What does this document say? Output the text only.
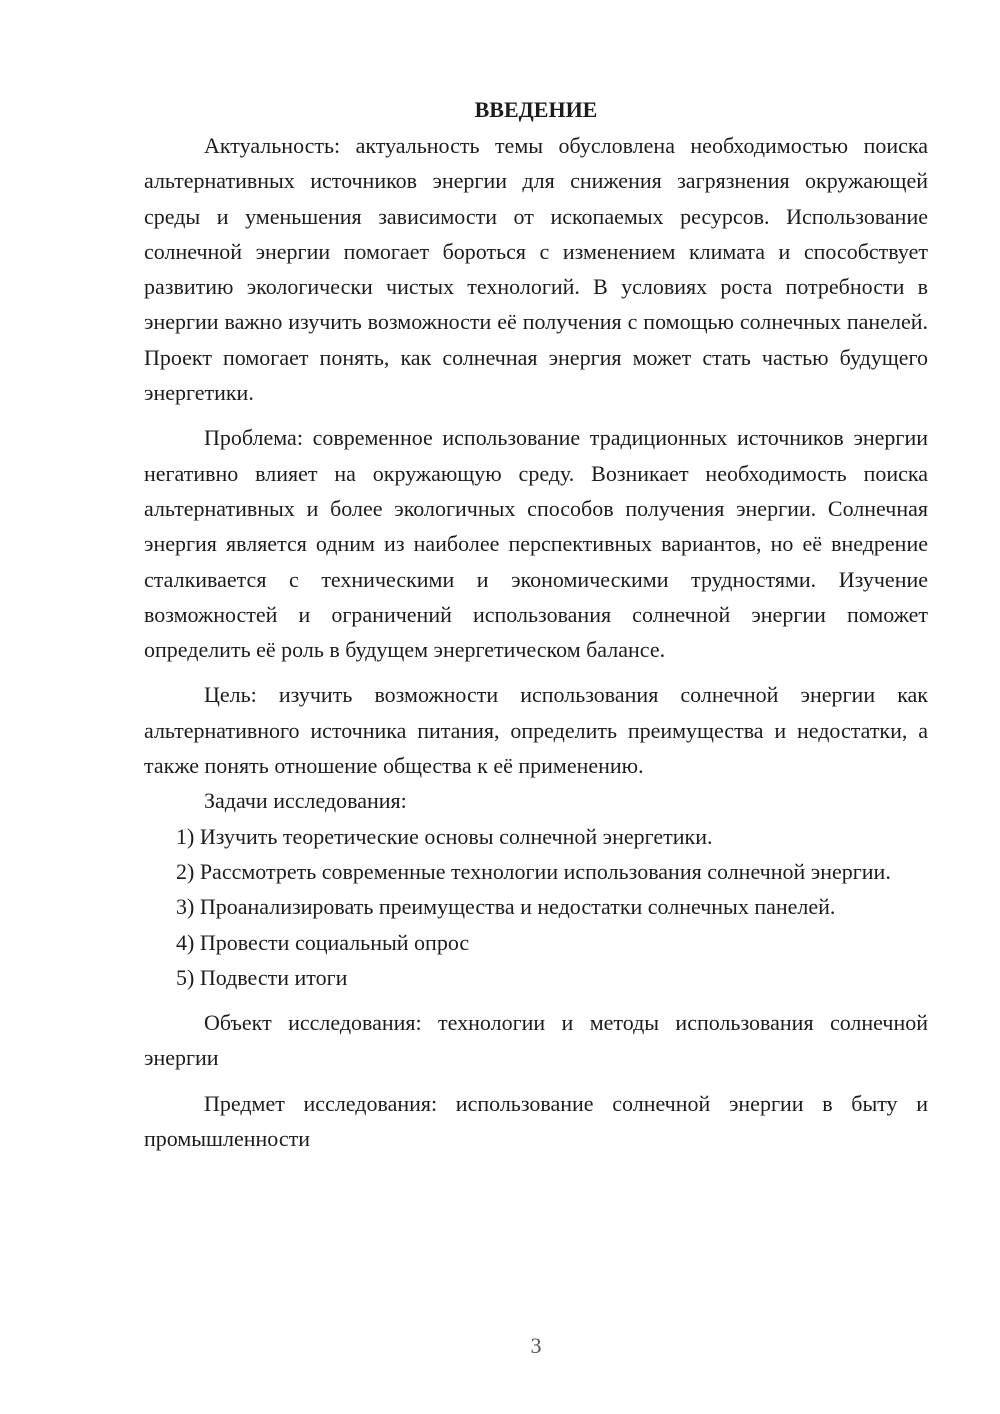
ВВЕДЕНИЕ

Актуальность: актуальность темы обусловлена необходимостью поиска альтернативных источников энергии для снижения загрязнения окружающей среды и уменьшения зависимости от ископаемых ресурсов. Использование солнечной энергии помогает бороться с изменением климата и способствует развитию экологически чистых технологий. В условиях роста потребности в энергии важно изучить возможности её получения с помощью солнечных панелей. Проект помогает понять, как солнечная энергия может стать частью будущего энергетики.

Проблема: современное использование традиционных источников энергии негативно влияет на окружающую среду. Возникает необходимость поиска альтернативных и более экологичных способов получения энергии. Солнечная энергия является одним из наиболее перспективных вариантов, но её внедрение сталкивается с техническими и экономическими трудностями. Изучение возможностей и ограничений использования солнечной энергии поможет определить её роль в будущем энергетическом балансе.

Цель: изучить возможности использования солнечной энергии как альтернативного источника питания, определить преимущества и недостатки, а также понять отношение общества к её применению.

Задачи исследования:

1) Изучить теоретические основы солнечной энергетики.

2) Рассмотреть современные технологии использования солнечной энергии.

3) Проанализировать преимущества и недостатки солнечных панелей.

4) Провести социальный опрос

5) Подвести итоги

Объект исследования: технологии и методы использования солнечной энергии

Предмет исследования: использование солнечной энергии в быту и промышленности

3
